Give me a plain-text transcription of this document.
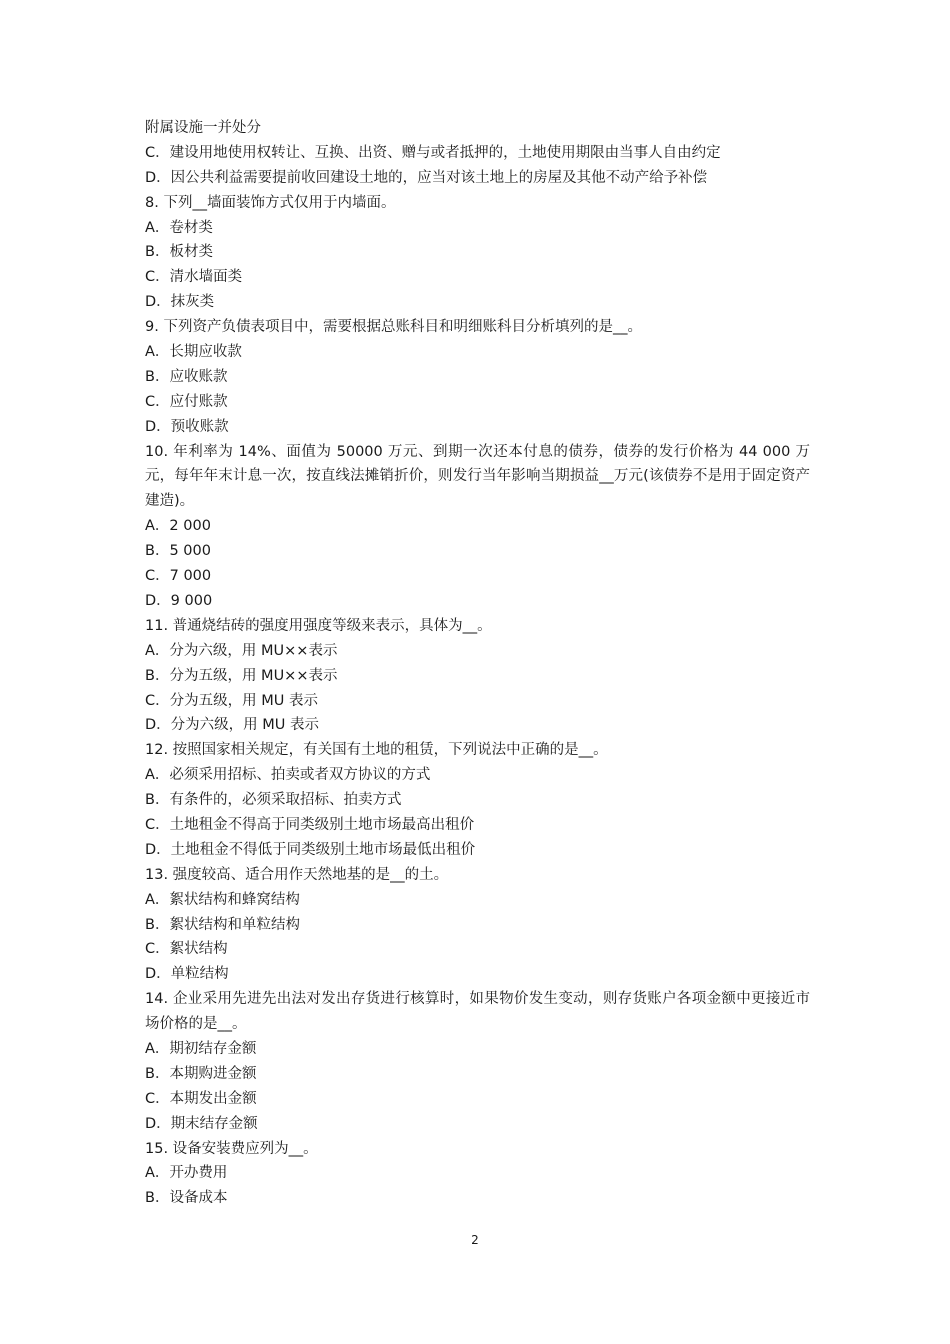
附属设施一并处分
C．建设用地使用权转让、互换、出资、赠与或者抵押的，土地使用期限由当事人自由约定
D．因公共利益需要提前收回建设土地的，应当对该土地上的房屋及其他不动产给予补偿
8. 下列__墙面装饰方式仅用于内墙面。
A．卷材类
B．板材类
C．清水墙面类
D．抹灰类
9. 下列资产负债表项目中，需要根据总账科目和明细账科目分析填列的是__。
A．长期应收款
B．应收账款
C．应付账款
D．预收账款
10. 年利率为 14%、面值为 50000 万元、到期一次还本付息的债券，债券的发行价格为 44 000 万元，每年年末计息一次，按直线法摊销折价，则发行当年影响当期损益__万元(该债券不是用于固定资产建造)。
A．2 000
B．5 000
C．7 000
D．9 000
11. 普通烧结砖的强度用强度等级来表示，具体为__。
A．分为六级，用 MU××表示
B．分为五级，用 MU××表示
C．分为五级，用 MU 表示
D．分为六级，用 MU 表示
12. 按照国家相关规定，有关国有土地的租赁，下列说法中正确的是__。
A．必须采用招标、拍卖或者双方协议的方式
B．有条件的，必须采取招标、拍卖方式
C．土地租金不得高于同类级别土地市场最高出租价
D．土地租金不得低于同类级别土地市场最低出租价
13. 强度较高、适合用作天然地基的是__的土。
A．絮状结构和蜂窝结构
B．絮状结构和单粒结构
C．絮状结构
D．单粒结构
14. 企业采用先进先出法对发出存货进行核算时，如果物价发生变动，则存货账户各项金额中更接近市场价格的是__。
A．期初结存金额
B．本期购进金额
C．本期发出金额
D．期末结存金额
15. 设备安装费应列为__。
A．开办费用
B．设备成本
2
